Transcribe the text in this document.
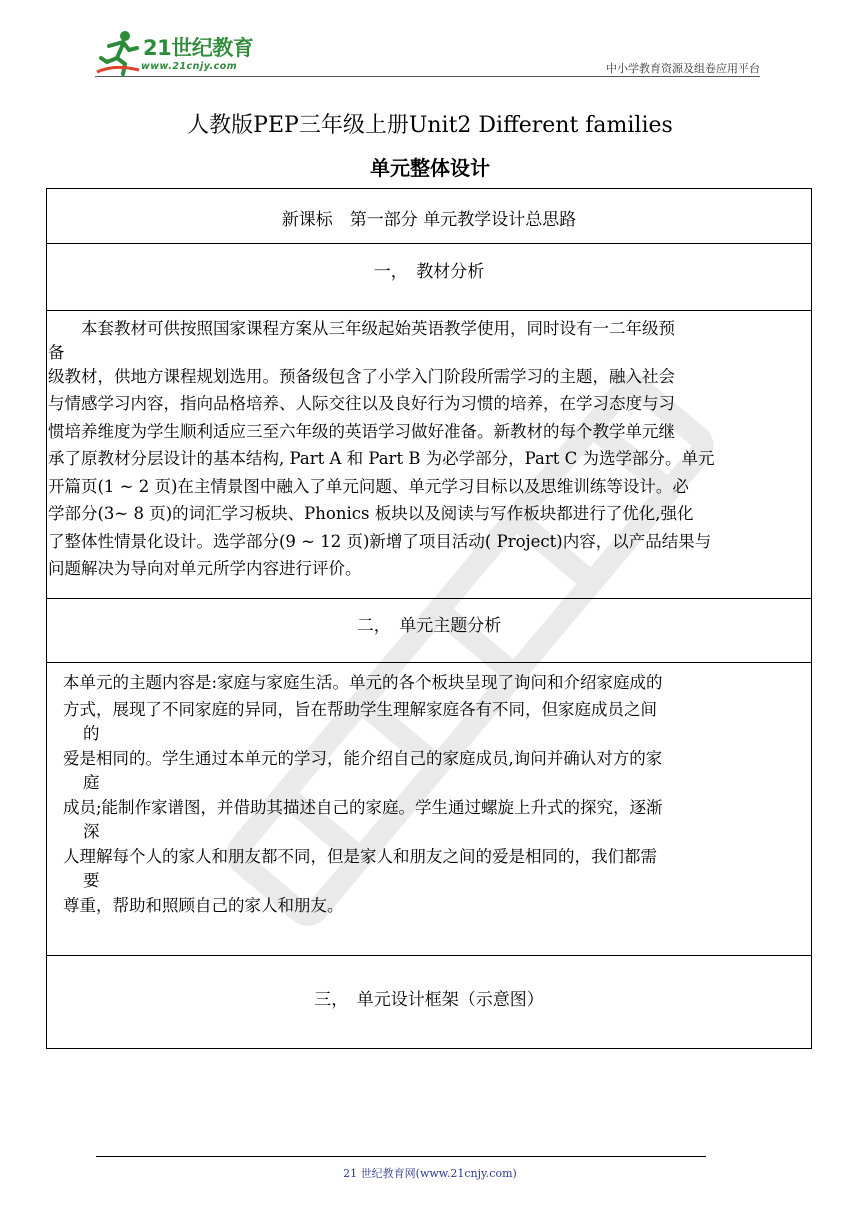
21世纪教育
www.21cnjy.com	中小学教育资源及组卷应用平台
人教版PEP三年级上册Unit2 Different families
单元整体设计
新课标　第一部分 单元教学设计总思路
一，　教材分析

　　本套教材可供按照国家课程方案从三年级起始英语教学使用，同时设有一二年级预

备

级教材，供地方课程规划选用。预备级包含了小学入门阶段所需学习的主题，融入社会

与情感学习内容，指向品格培养、人际交往以及良好行为习惯的培养，在学习态度与习

惯培养维度为学生顺利适应三至六年级的英语学习做好准备。新教材的每个教学单元继

承了原教材分层设计的基本结构, Part A 和 Part B 为必学部分，Part C 为选学部分。单元

开篇页(1 ~ 2 页)在主情景图中融入了单元问题、单元学习目标以及思维训练等设计。必

学部分(3~ 8 页)的词汇学习板块、Phonics 板块以及阅读与写作板块都进行了优化,强化

了整体性情景化设计。选学部分(9 ~ 12 页)新增了项目活动( Project)内容，以产品结果与

问题解决为导向对单元所学内容进行评价。

二，　单元主题分析

本单元的主题内容是:家庭与家庭生活。单元的各个板块呈现了询问和介绍家庭成的

方式，展现了不同家庭的异同，旨在帮助学生理解家庭各有不同，但家庭成员之间

的

爱是相同的。学生通过本单元的学习，能介绍自己的家庭成员,询问并确认对方的家

庭

成员;能制作家谱图，并借助其描述自己的家庭。学生通过螺旋上升式的探究，逐渐

深

人理解每个人的家人和朋友都不同，但是家人和朋友之间的爱是相同的，我们都需

要

尊重，帮助和照顾自己的家人和朋友。

三，　单元设计框架（示意图）
21 世纪教育网(www.21cnjy.com)
